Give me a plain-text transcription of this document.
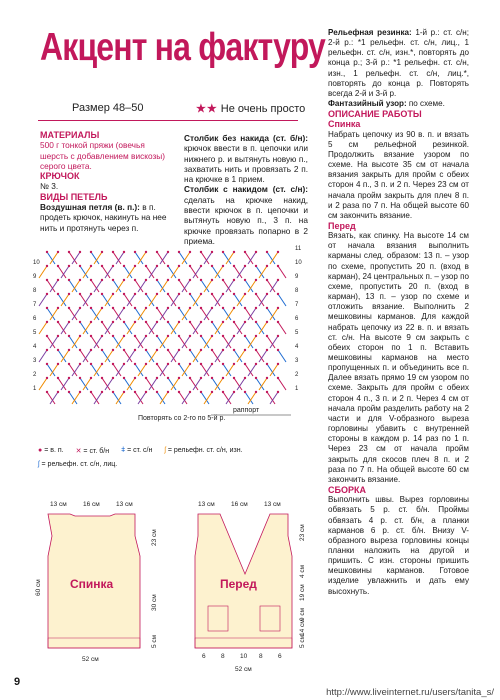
Акцент на фактуру
Размер 48–50	★★ Не очень просто

МАТЕРИАЛЫ

500 г тонкой пряжи (овечья шерсть с добавлением вискозы) серого цвета.

КРЮЧОК

№ 3.

ВИДЫ ПЕТЕЛЬ

Воздушная петля (в. п.): в п. продеть крючок, накинуть на нее нить и протянуть через п.

Столбик без накида (ст. б/н): крючок ввести в п. цепочки или нижнего р. и вытянуть новую п., захватить нить и провязать 2 п. на крючке в 1 прием.

Столбик с накидом (ст. с/н): сделать на крючке накид, ввести крючок в п. цепочки и вытянуть новую п., 3 п. на крючке провязать попарно в 2 приема.

Рельефная резинка: 1-й р.: ст. с/н; 2-й р.: *1 рельефн. ст. с/н, лиц., 1 рельефн. ст. с/н, изн.*, повторять до конца р.; 3-й р.: *1 рельефн. ст. с/н, изн., 1 рельефн. ст. с/н, лиц.*, повторять до конца р. Повторять всегда 2-й и 3-й р.

Фантазийный узор: по схеме.

ОПИСАНИЕ РАБОТЫ

Спинка

Набрать цепочку из 90 в. п. и вязать 5 см рельефной резинкой. Продолжить вязание узором по схеме. На высоте 35 см от начала вязания закрыть для пройм с обеих сторон 4 п., 3 п. и 2 п. Через 23 см от начала пройм закрыть для плеч 8 п. и 2 раза по 7 п. На общей высоте 60 см закончить вязание.

Перед

Вязать, как спинку. На высоте 14 см от начала вязания выполнить карманы след. образом: 13 п. – узор по схеме, пропустить 20 п. (вход в карман), 24 центральных п. – узор по схеме, пропустить 20 п. (вход в карман), 13 п. – узор по схеме и отложить вязание. Выполнить 2 мешковины карманов. Для каждой набрать цепочку из 22 в. п. и вязать ст. с/н. На высоте 9 см закрыть с обеих сторон по 1 п. Вставить мешковины карманов на место пропущенных п. и объединить все п. Далее вязать прямо 19 см узором по схеме. Закрыть для пройм с обеих сторон 4 п., 3 п. и 2 п. Через 4 см от начала пройм разделить работу на 2 части и для V-образного выреза горловины убавить с внутренней стороны в каждом р. 14 раз по 1 п. Через 23 см от начала пройм закрыть для скосов плеч 8 п. и 2 раза по 7 п. На общей высоте 60 см закончить вязание.

СБОРКА

Выполнить швы. Вырез горловины обвязать 5 р. ст. б/н. Проймы обвязать 4 р. ст. б/н, а планки карманов 6 р. ст. б/н. Внизу V-образного выреза горловины концы планки наложить на другой и пришить. С изн. стороны пришить мешковины карманов. Готовое изделие увлажнить и дать ему высохнуть.

10
9
8
7
6
5
4
3
2
1
11
10
9
8
7
6
5
4
3
2
1
Повторять со 2-го по 5-й р.
раппорт
● = в. п. ✕ = ст. б/н ǂ = ст. с/н ʃ = рельефн. ст. с/н, изн.
ʃ = рельефн. ст. с/н, лиц.
Спинка	Перед
13 см 16 см 13 см	13 см 16 см 13 см
60 см
23 см
30 см
5 см
23 см
4 см
19 см
9 см
14 см
5 см
52 см	6 8 10 8 6
52 см
9
http://www.liveinternet.ru/users/tanita_s/
